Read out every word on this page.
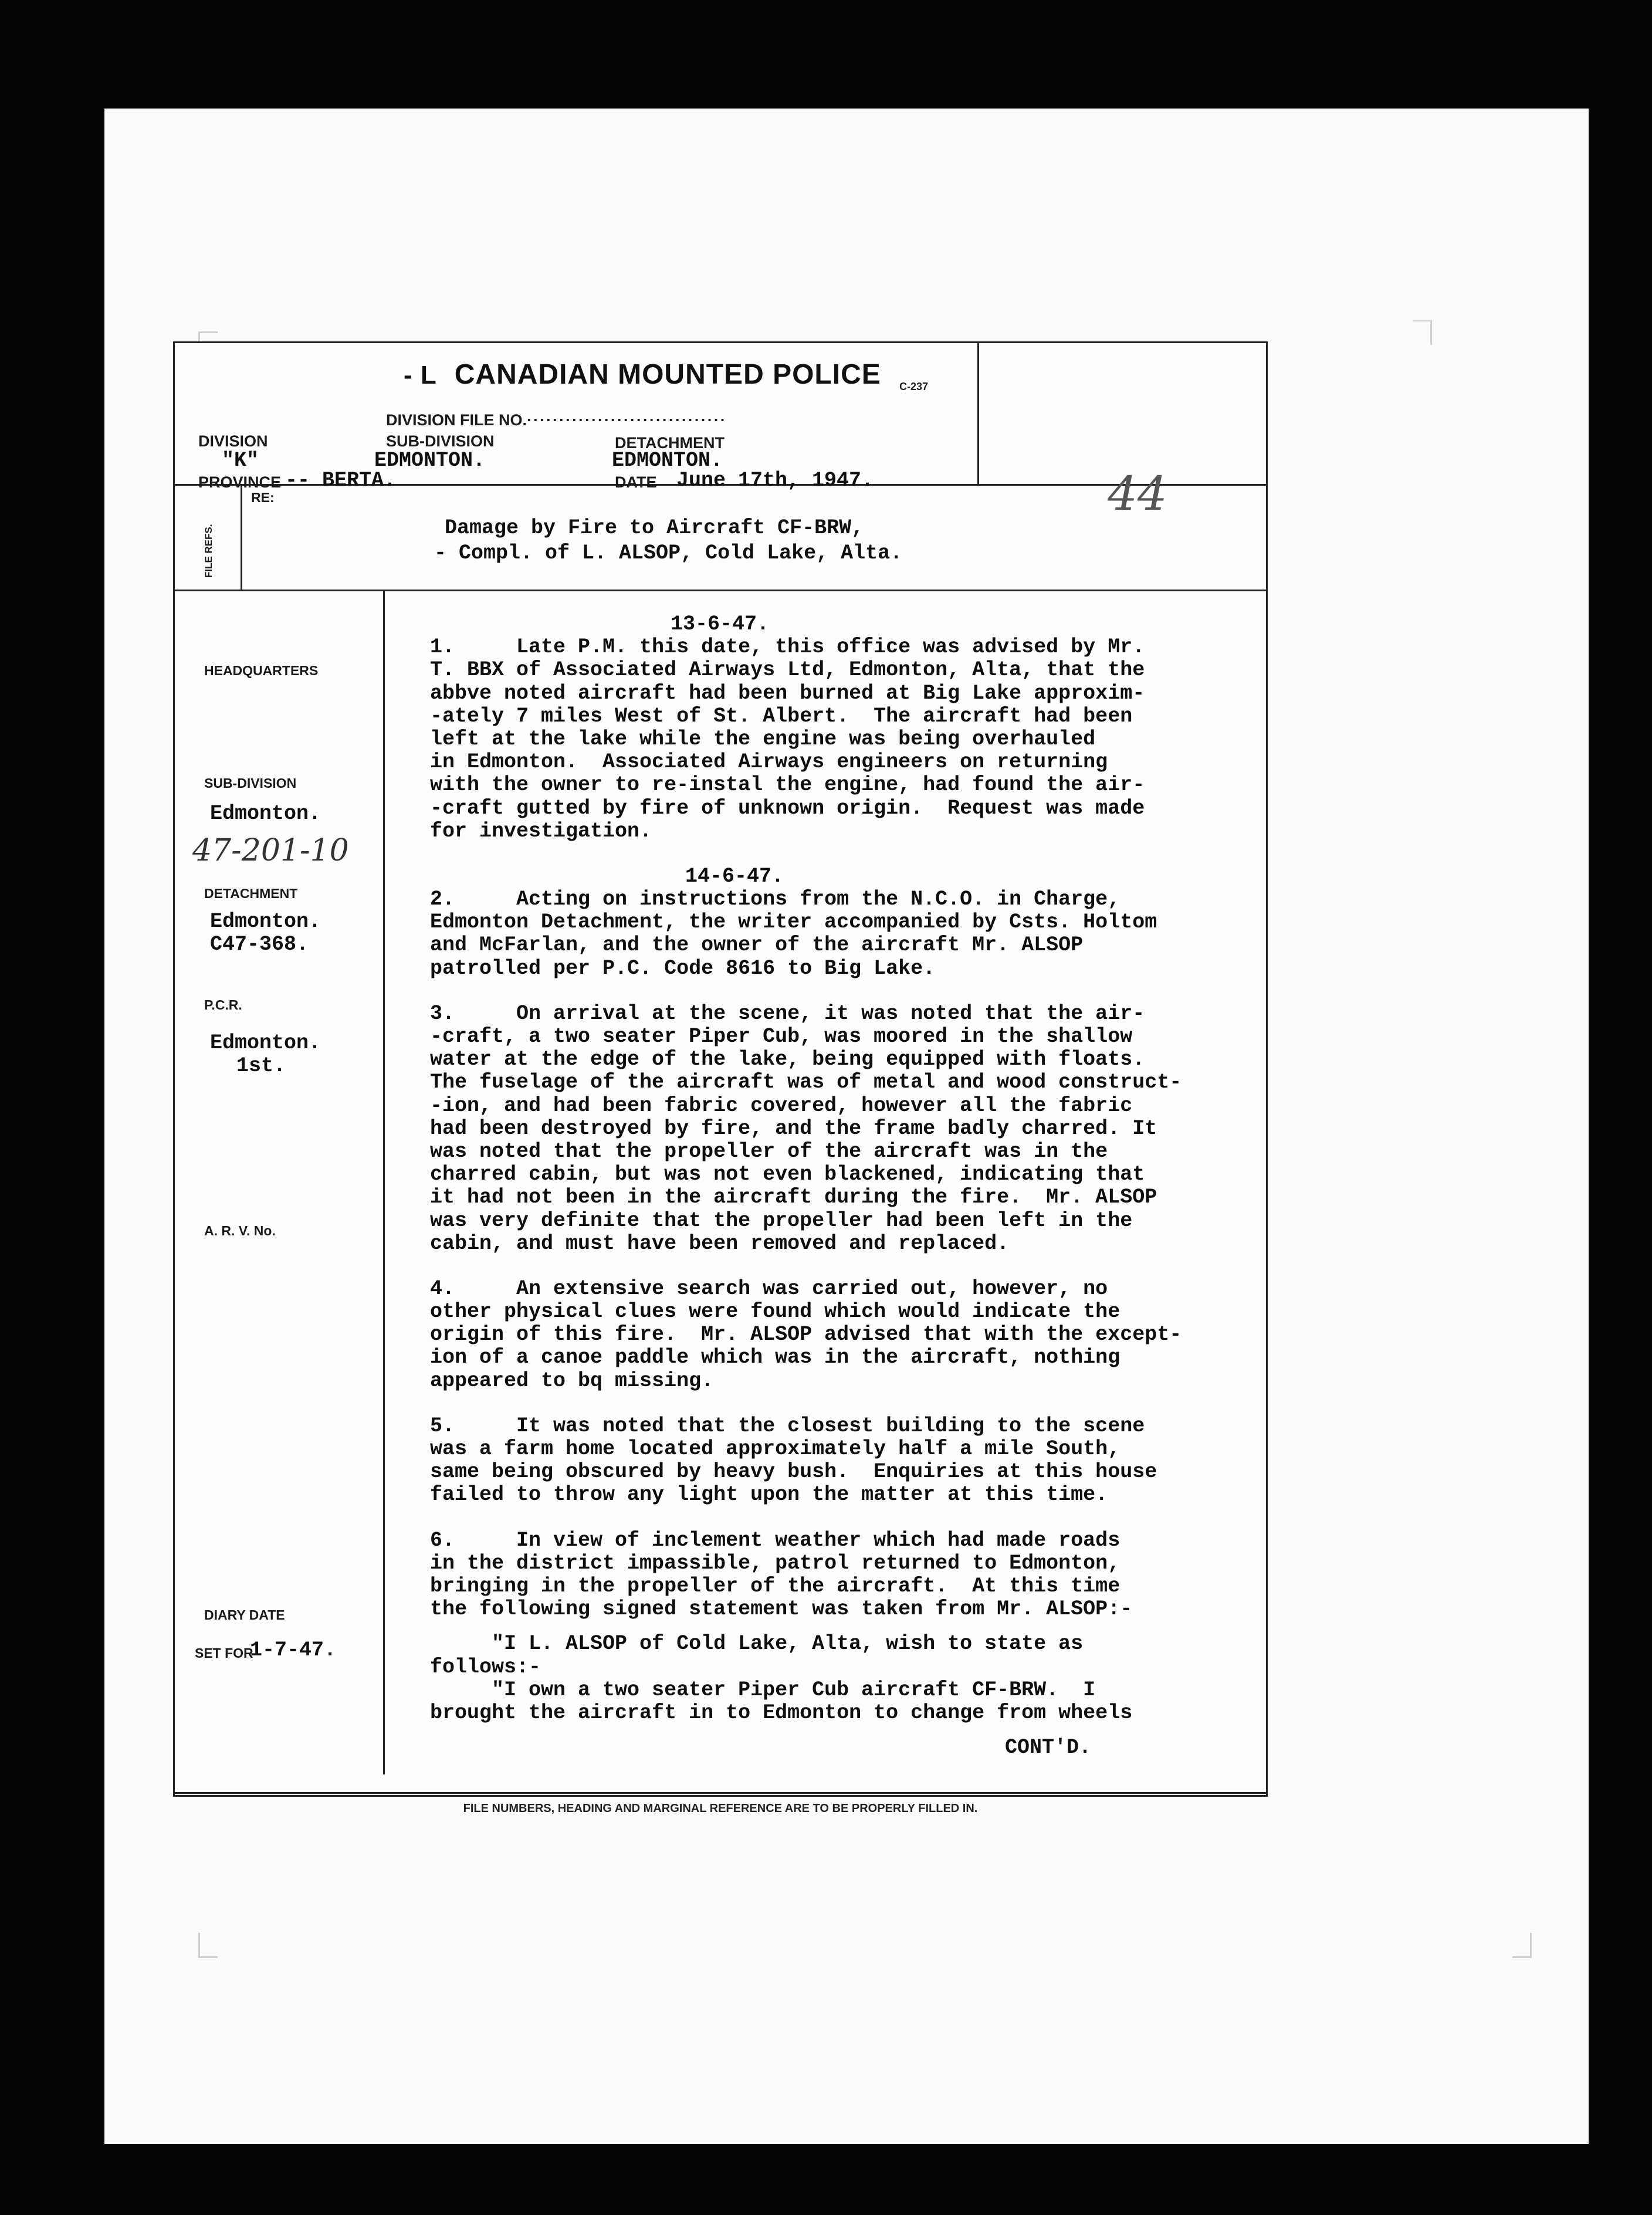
- L CANADIAN MOUNTED POLICE C-237
DIVISION FILE NO.·······························
DIVISION	SUB-DIVISION	DETACHMENT
"K"	EDMONTON.	EDMONTON.
PROVINCE -- BERTA.	DATE June 17th, 1947.	44
RE:
FILE REFS.	Damage by Fire to Aircraft CF-BRW,
- Compl. of L. ALSOP, Cold Lake, Alta.
HEADQUARTERS
SUB-DIVISION
Edmonton.
47-201-10
DETACHMENT
Edmonton.
C47-368.
P.C.R.
Edmonton.
1st.
A. R. V. No.
DIARY DATE
SET FOR
1-7-47.
13-6-47.
1.     Late P.M. this date, this office was advised by Mr.
T. BBX of Associated Airways Ltd, Edmonton, Alta, that the
abbve noted aircraft had been burned at Big Lake approxim-
-ately 7 miles West of St. Albert.  The aircraft had been
left at the lake while the engine was being overhauled
in Edmonton.  Associated Airways engineers on returning
with the owner to re-instal the engine, had found the air-
-craft gutted by fire of unknown origin.  Request was made
for investigation.
14-6-47.
2.     Acting on instructions from the N.C.O. in Charge,
Edmonton Detachment, the writer accompanied by Csts. Holtom
and McFarlan, and the owner of the aircraft Mr. ALSOP
patrolled per P.C. Code 8616 to Big Lake.
3.     On arrival at the scene, it was noted that the air-
-craft, a two seater Piper Cub, was moored in the shallow
water at the edge of the lake, being equipped with floats.
The fuselage of the aircraft was of metal and wood construct-
-ion, and had been fabric covered, however all the fabric
had been destroyed by fire, and the frame badly charred. It
was noted that the propeller of the aircraft was in the
charred cabin, but was not even blackened, indicating that
it had not been in the aircraft during the fire.  Mr. ALSOP
was very definite that the propeller had been left in the
cabin, and must have been removed and replaced.
4.     An extensive search was carried out, however, no
other physical clues were found which would indicate the
origin of this fire.  Mr. ALSOP advised that with the except-
ion of a canoe paddle which was in the aircraft, nothing
appeared to bq missing.
5.     It was noted that the closest building to the scene
was a farm home located approximately half a mile South,
same being obscured by heavy bush.  Enquiries at this house
failed to throw any light upon the matter at this time.
6.     In view of inclement weather which had made roads
in the district impassible, patrol returned to Edmonton,
bringing in the propeller of the aircraft.  At this time
the following signed statement was taken from Mr. ALSOP:-
"I L. ALSOP of Cold Lake, Alta, wish to state as
follows:-
"I own a two seater Piper Cub aircraft CF-BRW.  I
brought the aircraft in to Edmonton to change from wheels
CONT'D.
FILE NUMBERS, HEADING AND MARGINAL REFERENCE ARE TO BE PROPERLY FILLED IN.
